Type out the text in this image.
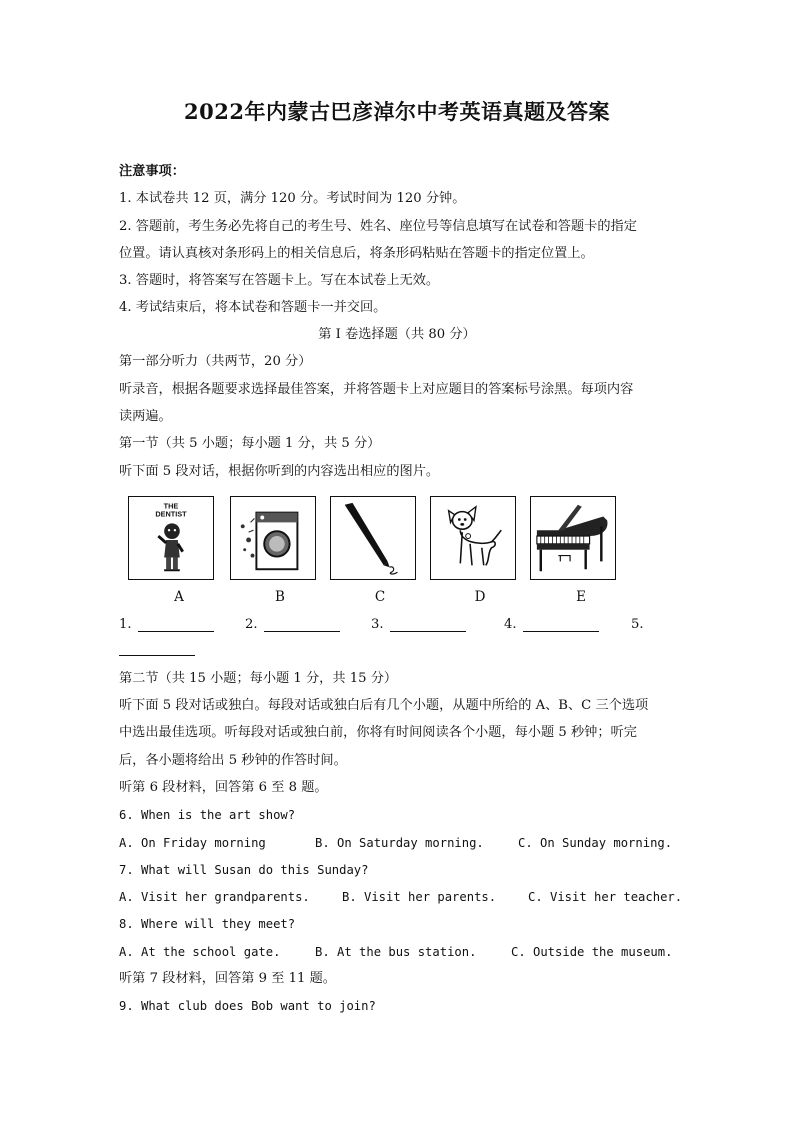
2022年内蒙古巴彦淖尔中考英语真题及答案
注意事项：
1. 本试卷共 12 页，满分 120 分。考试时间为 120 分钟。
2. 答题前，考生务必先将自己的考生号、姓名、座位号等信息填写在试卷和答题卡的指定
位置。请认真核对条形码上的相关信息后，将条形码粘贴在答题卡的指定位置上。
3. 答题时，将答案写在答题卡上。写在本试卷上无效。
4. 考试结束后，将本试卷和答题卡一并交回。
第 I 卷选择题（共 80 分）
第一部分听力（共两节，20 分）
听录音，根据各题要求选择最佳答案，并将答题卡上对应题目的答案标号涂黑。每项内容
读两遍。
第一节（共 5 小题；每小题 1 分，共 5 分）
听下面 5 段对话，根据你听到的内容选出相应的图片。
THE
DENTIST
A	B	C	D	E
1.	2.	3.	4.	5.
第二节（共 15 小题；每小题 1 分，共 15 分）
听下面 5 段对话或独白。每段对话或独白后有几个小题，从题中所给的 A、B、C 三个选项
中选出最佳选项。听每段对话或独白前，你将有时间阅读各个小题，每小题 5 秒钟；听完
后，各小题将给出 5 秒钟的作答时间。
听第 6 段材料，回答第 6 至 8 题。
6. When is the art show?
A. On Friday morning	B. On Saturday morning.	C. On Sunday morning.
7. What will Susan do this Sunday?
A. Visit her grandparents.	B. Visit her parents.	C. Visit her teacher.
8. Where will they meet?
A. At the school gate.	B. At the bus station.	C. Outside the museum.
听第 7 段材料，回答第 9 至 11 题。
9. What club does Bob want to join?
